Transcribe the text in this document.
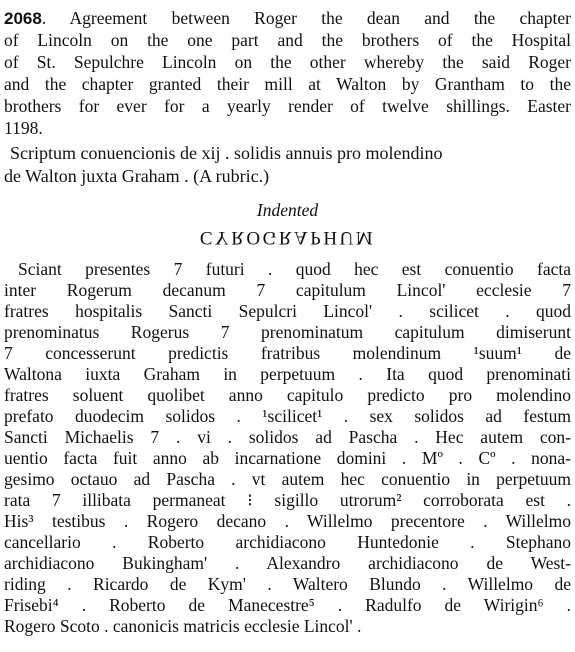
2068. Agreement between Roger the dean and the chapter
of Lincoln on the one part and the brothers of the Hospital
of St. Sepulchre Lincoln on the other whereby the said Roger
and the chapter granted their mill at Walton by Grantham to the
brothers for ever for a yearly render of twelve shillings. Easter
1198.
Scriptum conuencionis de xij . solidis annuis pro molendino
de Walton juxta Graham . (A rubric.)
Indented
CYROGRAPHUM
Sciant presentes 7 futuri . quod hec est conuentio facta
inter Rogerum decanum 7 capitulum Lincol' ecclesie 7
fratres hospitalis Sancti Sepulcri Lincol' . scilicet . quod
prenominatus Rogerus 7 prenominatum capitulum dimiserunt
7 concesserunt predictis fratribus molendinum ¹suum¹ de
Waltona iuxta Graham in perpetuum . Ita quod prenominati
fratres soluent quolibet anno capitulo predicto pro molendino
prefato duodecim solidos . ¹scilicet¹ . sex solidos ad festum
Sancti Michaelis 7 . vi . solidos ad Pascha . Hec autem con-
uentio facta fuit anno ab incarnatione domini . Mº . Cº . nona-
gesimo octauo ad Pascha . vt autem hec conuentio in perpetuum
rata 7 illibata permaneat ⁝ sigillo utrorum² corroborata est .
His³ testibus . Rogero decano . Willelmo precentore . Willelmo
cancellario . Roberto archidiacono Huntedonie . Stephano
archidiacono Bukingham' . Alexandro archidiacono de West-
riding . Ricardo de Kym' . Waltero Blundo . Willelmo de
Frisebi⁴ . Roberto de Manecestre⁵ . Radulfo de Wirigin⁶ .
Rogero Scoto . canonicis matricis ecclesie Lincol' .
